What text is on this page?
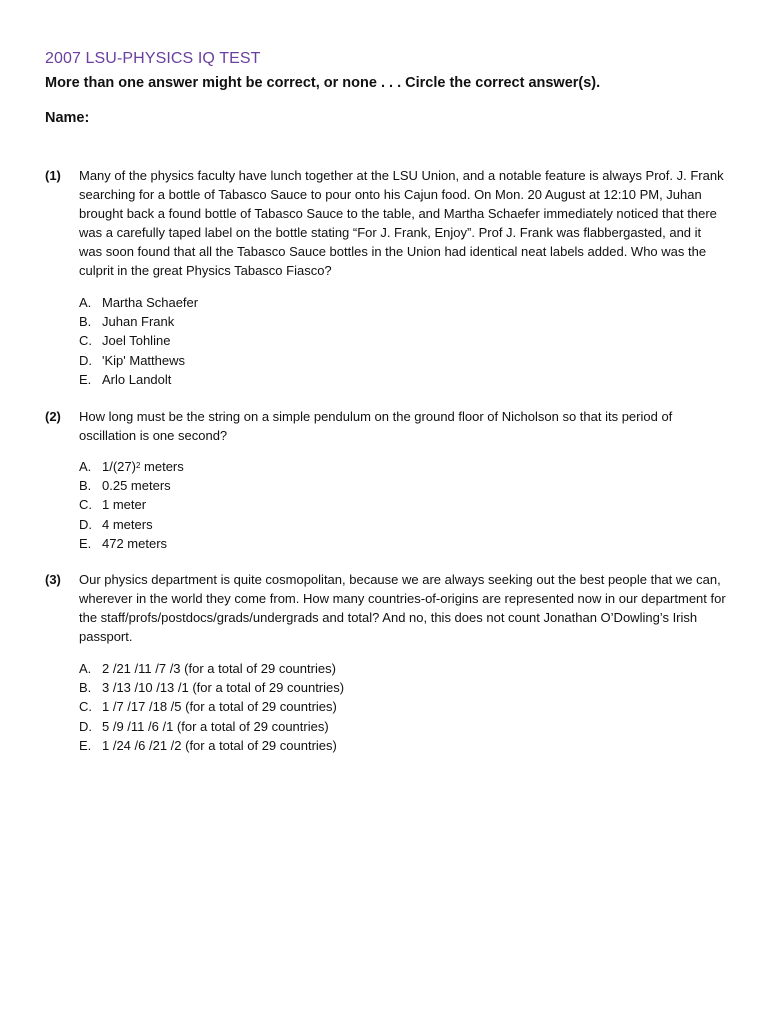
2007 LSU-PHYSICS IQ TEST
More than one answer might be correct, or none . . . Circle the correct answer(s).
Name:
(1) Many of the physics faculty have lunch together at the LSU Union, and a notable feature is always Prof. J. Frank searching for a bottle of Tabasco Sauce to pour onto his Cajun food. On Mon. 20 August at 12:10 PM, Juhan brought back a found bottle of Tabasco Sauce to the table, and Martha Schaefer immediately noticed that there was a carefully taped label on the bottle stating “For J. Frank, Enjoy”. Prof J. Frank was flabbergasted, and it was soon found that all the Tabasco Sauce bottles in the Union had identical neat labels added. Who was the culprit in the great Physics Tabasco Fiasco?
A. Martha Schaefer
B. Juhan Frank
C. Joel Tohline
D. 'Kip' Matthews
E. Arlo Landolt
(2) How long must be the string on a simple pendulum on the ground floor of Nicholson so that its period of oscillation is one second?
A. $1/(27)^2$ meters
B. 0.25 meters
C. 1 meter
D. 4 meters
E. 472 meters
(3) Our physics department is quite cosmopolitan, because we are always seeking out the best people that we can, wherever in the world they come from. How many countries-of-origins are represented now in our department for the staff/profs/postdocs/grads/undergrads and total? And no, this does not count Jonathan O’Dowling’s Irish passport.
A. 2 /21 /11 /7 /3 (for a total of 29 countries)
B. 3 /13 /10 /13 /1 (for a total of 29 countries)
C. 1 /7 /17 /18 /5 (for a total of 29 countries)
D. 5 /9 /11 /6 /1 (for a total of 29 countries)
E. 1 /24 /6 /21 /2 (for a total of 29 countries)
